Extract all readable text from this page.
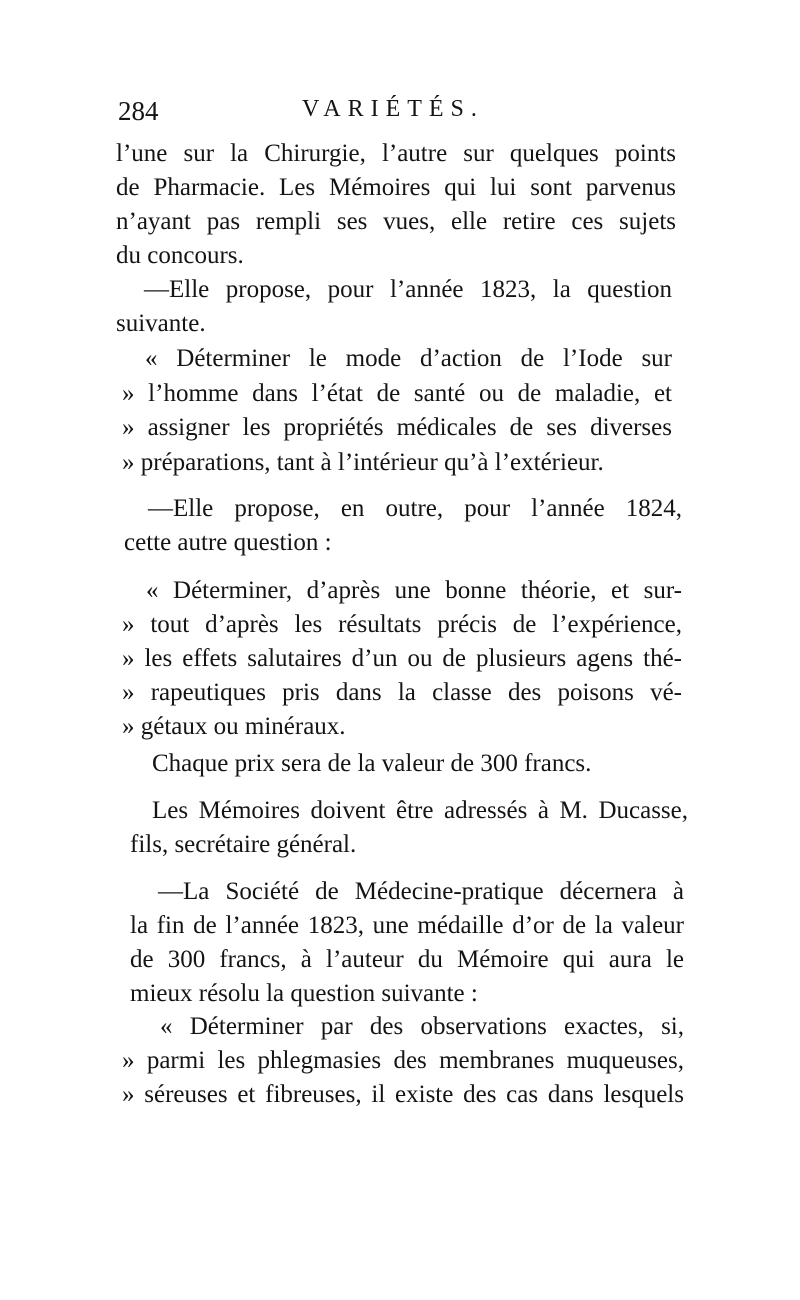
284	VARIÉTÉS.
l’une sur la Chirurgie, l’autre sur quelques points
de Pharmacie. Les Mémoires qui lui sont parvenus
n’ayant pas rempli ses vues, elle retire ces sujets
du concours.
—Elle propose, pour l’année 1823, la question
suivante.
« Déterminer le mode d’action de l’Iode sur
» l’homme dans l’état de santé ou de maladie, et
» assigner les propriétés médicales de ses diverses
» préparations, tant à l’intérieur qu’à l’extérieur.
—Elle propose, en outre, pour l’année 1824,
cette autre question :
« Déterminer, d’après une bonne théorie, et sur-
» tout d’après les résultats précis de l’expérience,
» les effets salutaires d’un ou de plusieurs agens thé-
» rapeutiques pris dans la classe des poisons vé-
» gétaux ou minéraux.
Chaque prix sera de la valeur de 300 francs.
Les Mémoires doivent être adressés à M. Ducasse,
fils, secrétaire général.
—La Société de Médecine-pratique décernera à
la fin de l’année 1823, une médaille d’or de la valeur
de 300 francs, à l’auteur du Mémoire qui aura le
mieux résolu la question suivante :
« Déterminer par des observations exactes, si,
» parmi les phlegmasies des membranes muqueuses,
» séreuses et fibreuses, il existe des cas dans lesquels
